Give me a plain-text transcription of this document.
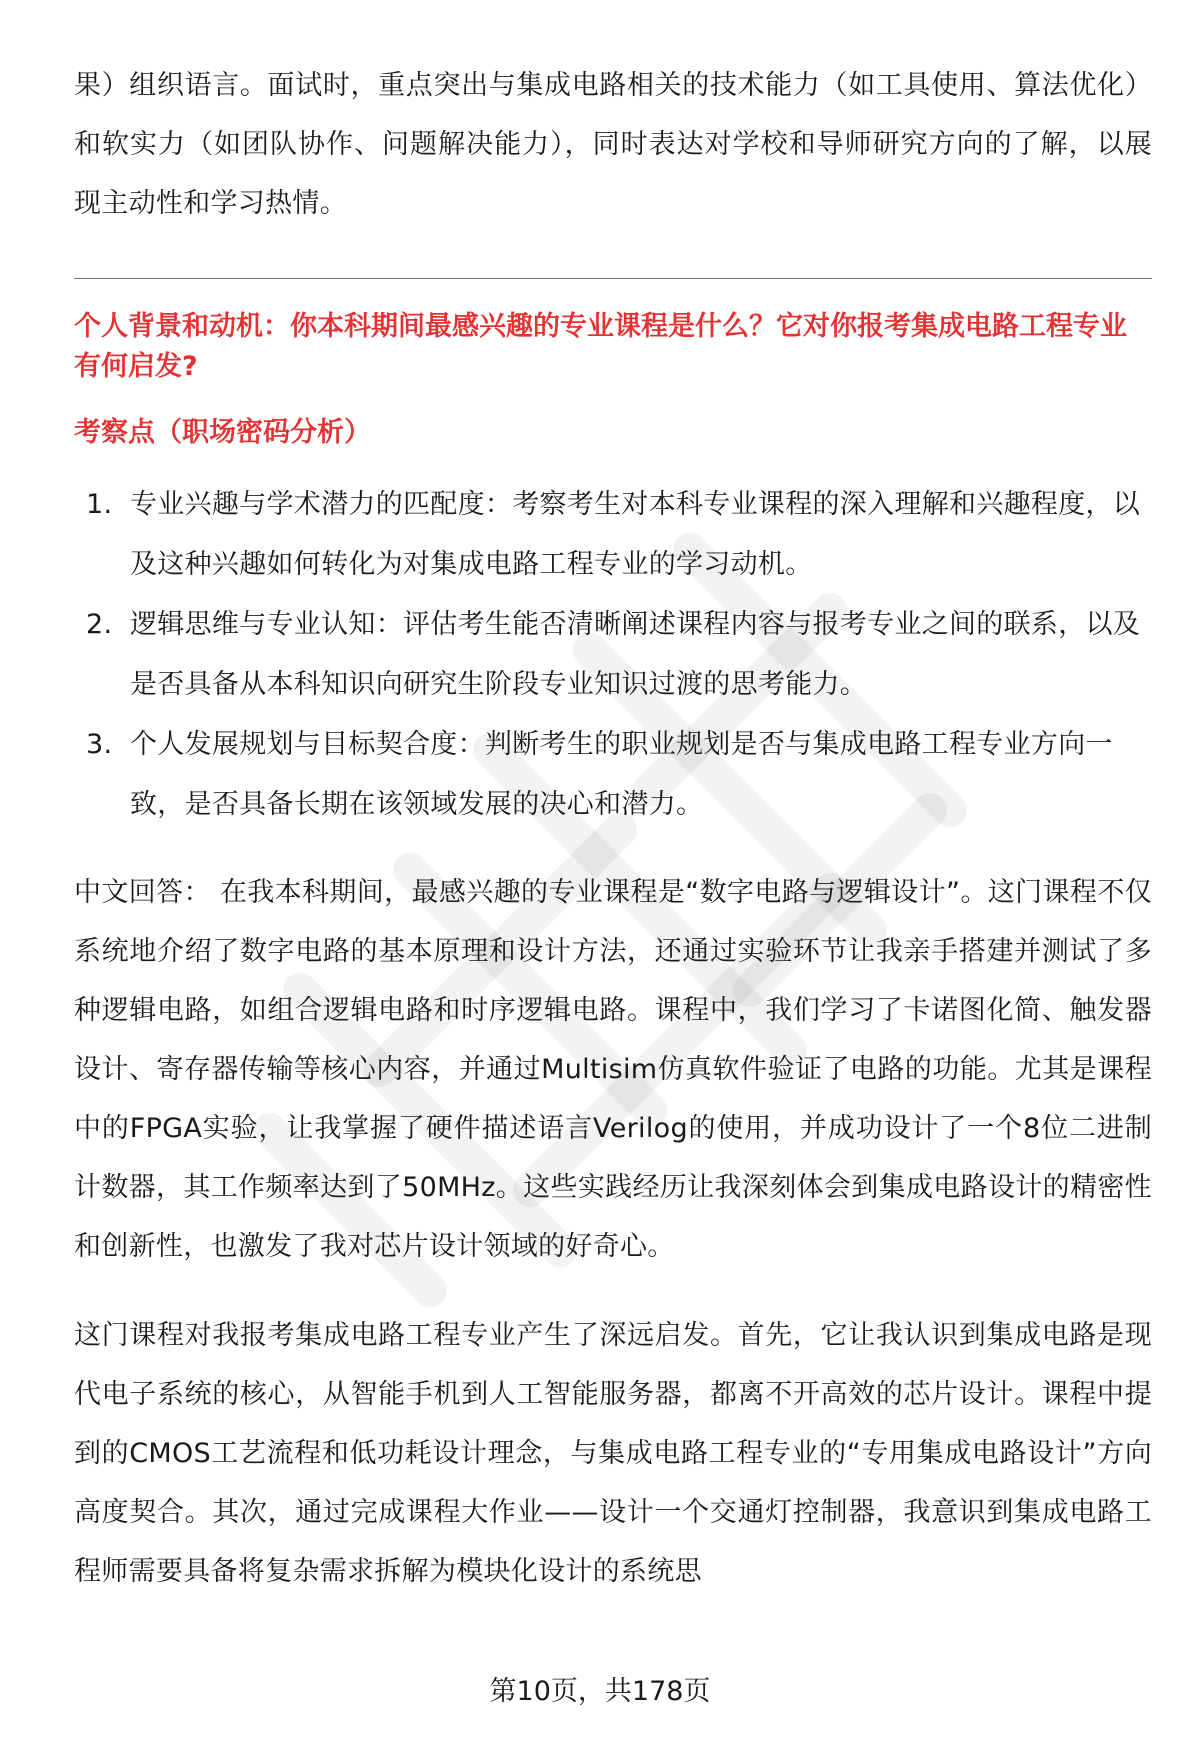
果）组织语言。面试时，重点突出与集成电路相关的技术能力（如工具使用、算法优化）和软实力（如团队协作、问题解决能力），同时表达对学校和导师研究方向的了解，以展现主动性和学习热情。

个人背景和动机：你本科期间最感兴趣的专业课程是什么？它对你报考集成电路工程专业有何启发?

考察点（职场密码分析）

1. 专业兴趣与学术潜力的匹配度：考察考生对本科专业课程的深入理解和兴趣程度，以及这种兴趣如何转化为对集成电路工程专业的学习动机。
2. 逻辑思维与专业认知：评估考生能否清晰阐述课程内容与报考专业之间的联系，以及是否具备从本科知识向研究生阶段专业知识过渡的思考能力。
3. 个人发展规划与目标契合度：判断考生的职业规划是否与集成电路工程专业方向一致，是否具备长期在该领域发展的决心和潜力。

中文回答： 在我本科期间，最感兴趣的专业课程是“数字电路与逻辑设计”。这门课程不仅系统地介绍了数字电路的基本原理和设计方法，还通过实验环节让我亲手搭建并测试了多种逻辑电路，如组合逻辑电路和时序逻辑电路。课程中，我们学习了卡诺图化简、触发器设计、寄存器传输等核心内容，并通过Multisim仿真软件验证了电路的功能。尤其是课程中的FPGA实验，让我掌握了硬件描述语言Verilog的使用，并成功设计了一个8位二进制计数器，其工作频率达到了50MHz。这些实践经历让我深刻体会到集成电路设计的精密性和创新性，也激发了我对芯片设计领域的好奇心。

这门课程对我报考集成电路工程专业产生了深远启发。首先，它让我认识到集成电路是现代电子系统的核心，从智能手机到人工智能服务器，都离不开高效的芯片设计。课程中提到的CMOS工艺流程和低功耗设计理念，与集成电路工程专业的“专用集成电路设计”方向高度契合。其次，通过完成课程大作业——设计一个交通灯控制器，我意识到集成电路工程师需要具备将复杂需求拆解为模块化设计的系统思

第10页，共178页
